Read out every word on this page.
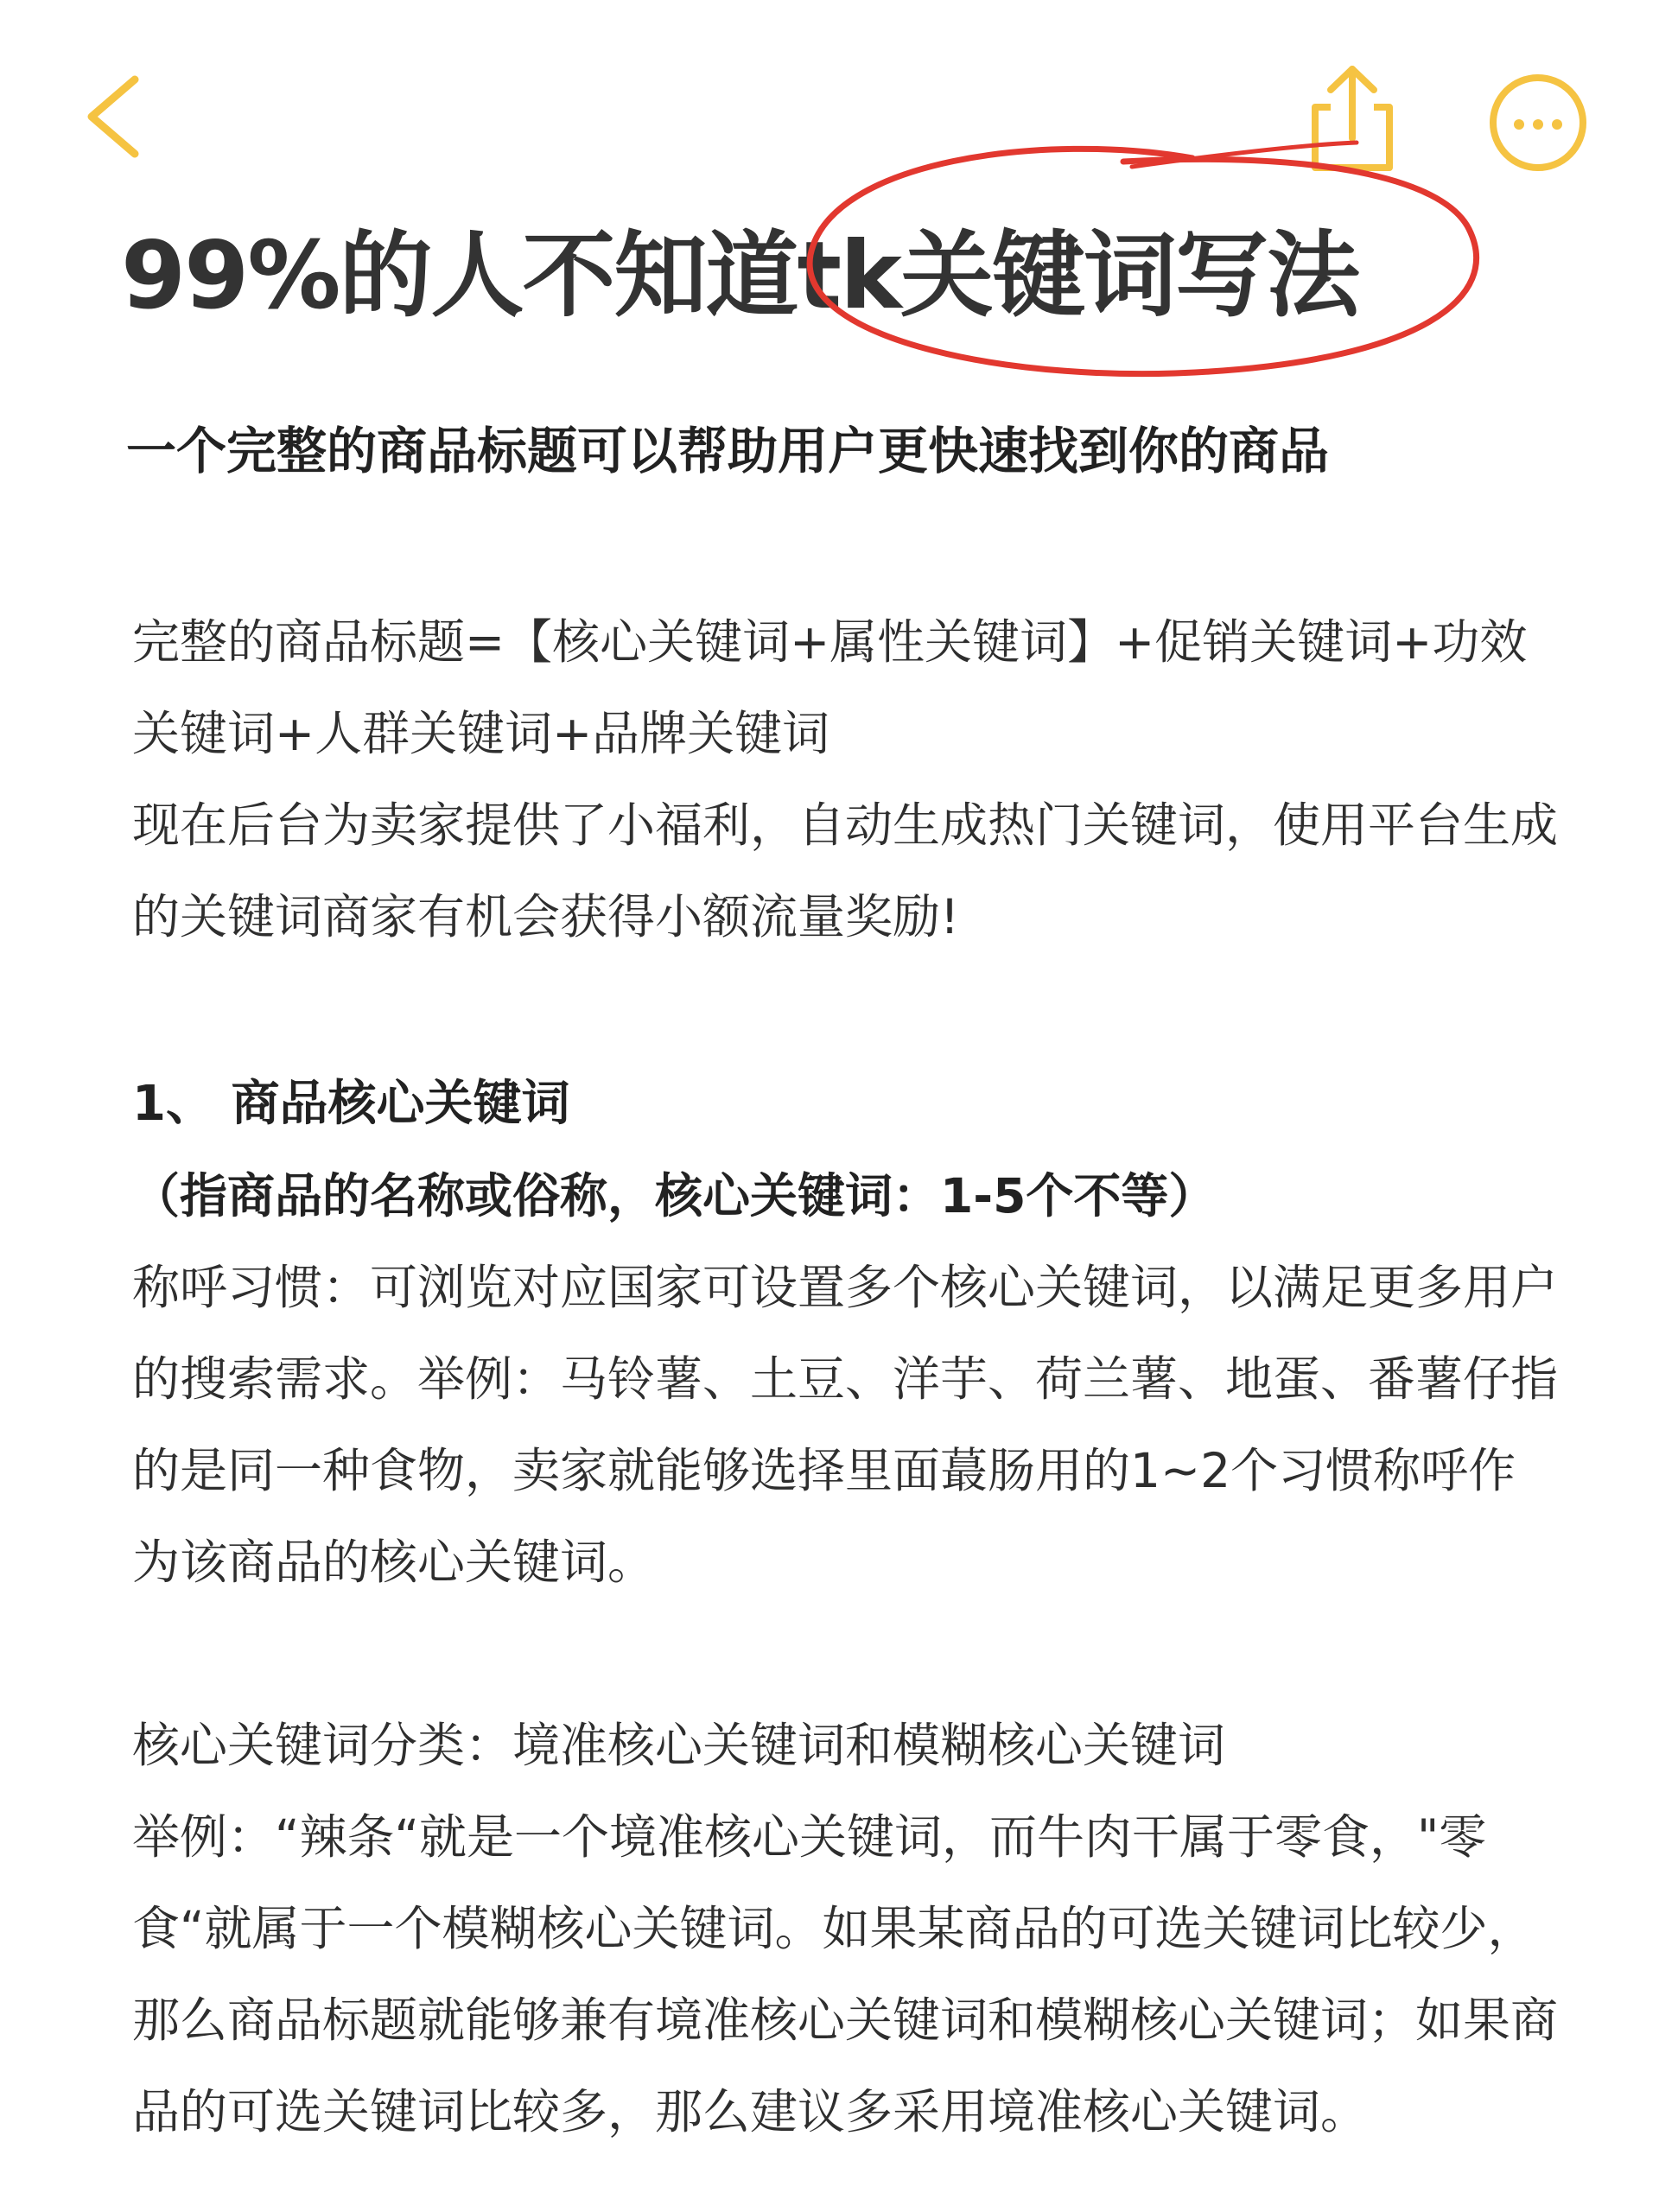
99%的人不知道tk关键词写法
一个完整的商品标题可以帮助用户更快速找到你的商品

完整的商品标题=【核心关键词+属性关键词】+促销关键词+功效关键词+人群关键词+品牌关键词

现在后台为卖家提供了小福利，自动生成热门关键词，使用平台生成的关键词商家有机会获得小额流量奖励!

1、 商品核心关键词

（指商品的名称或俗称，核心关键词：1-5个不等）

称呼习惯：可浏览对应国家可设置多个核心关键词，以满足更多用户的搜索需求。举例：马铃薯、土豆、洋芋、荷兰薯、地蛋、番薯仔指的是同一种食物，卖家就能够选择里面蕞肠用的1~2个习惯称呼作为该商品的核心关键词。

核心关键词分类：境准核心关键词和模糊核心关键词

举例：“辣条“就是一个境准核心关键词，而牛肉干属于零食，"零食“就属于一个模糊核心关键词。如果某商品的可选关键词比较少，那么商品标题就能够兼有境准核心关键词和模糊核心关键词；如果商品的可选关键词比较多，那么建议多采用境准核心关键词。
